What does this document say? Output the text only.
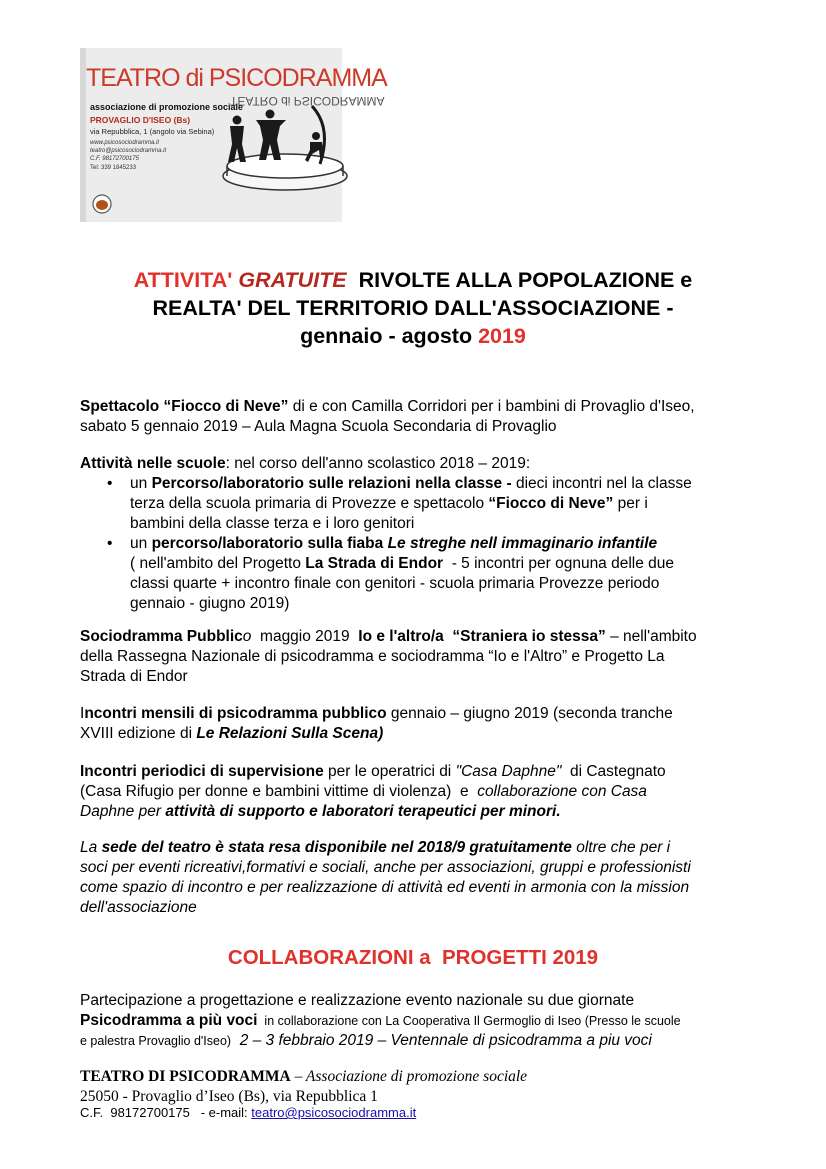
TEATRO di PSICODRAMMA
TEATRO di PSICODRAMMA
associazione di promozione sociale
PROVAGLIO D'ISEO (Bs)
via Repubblica, 1 (angolo via Sebina)
www.psicosociodramma.it
teatro@psicosociodramma.it
C.F. 98172700175
Tel: 339 1845233
ATTIVITA' GRATUITE  RIVOLTE ALLA POPOLAZIONE e
REALTA' DEL TERRITORIO DALL'ASSOCIAZIONE -
gennaio - agosto 2019
Spettacolo “Fiocco di Neve” di e con Camilla Corridori per i bambini di Provaglio d'Iseo,
sabato 5 gennaio 2019 – Aula Magna Scuola Secondaria di Provaglio
Attività nelle scuole: nel corso dell'anno scolastico 2018 – 2019:
• un Percorso/laboratorio sulle relazioni nella classe - dieci incontri nel la classe
terza della scuola primaria di Provezze e spettacolo “Fiocco di Neve” per i
bambini della classe terza e i loro genitori
• un percorso/laboratorio sulla fiaba Le streghe nell immaginario infantile
( nell'ambito del Progetto La Strada di Endor  - 5 incontri per ognuna delle due
classi quarte + incontro finale con genitori - scuola primaria Provezze periodo
gennaio - giugno 2019)
Sociodramma Pubblico  maggio 2019  Io e l'altro/a  “Straniera io stessa” – nell'ambito
della Rassegna Nazionale di psicodramma e sociodramma “Io e l'Altro” e Progetto La
Strada di Endor
Incontri mensili di psicodramma pubblico gennaio – giugno 2019 (seconda tranche
XVIII edizione di Le Relazioni Sulla Scena)
Incontri periodici di supervisione per le operatrici di "Casa Daphne"  di Castegnato
(Casa Rifugio per donne e bambini vittime di violenza)  e  collaborazione con Casa
Daphne per attività di supporto e laboratori terapeutici per minori.
La sede del teatro è stata resa disponibile nel 2018/9 gratuitamente oltre che per i
soci per eventi ricreativi,formativi e sociali, anche per associazioni, gruppi e professionisti
come spazio di incontro e per realizzazione di attività ed eventi in armonia con la mission
dell'associazione
COLLABORAZIONI a  PROGETTI 2019
Partecipazione a progettazione e realizzazione evento nazionale su due giornate
Psicodramma a più voci  in collaborazione con La Cooperativa Il Germoglio di Iseo (Presso le scuole
e palestra Provaglio d'Iseo)  2 – 3 febbraio 2019 – Ventennale di psicodramma a piu voci
TEATRO DI PSICODRAMMA – Associazione di promozione sociale
25050 - Provaglio d’Iseo (Bs), via Repubblica 1
C.F.  98172700175   - e-mail: teatro@psicosociodramma.it
